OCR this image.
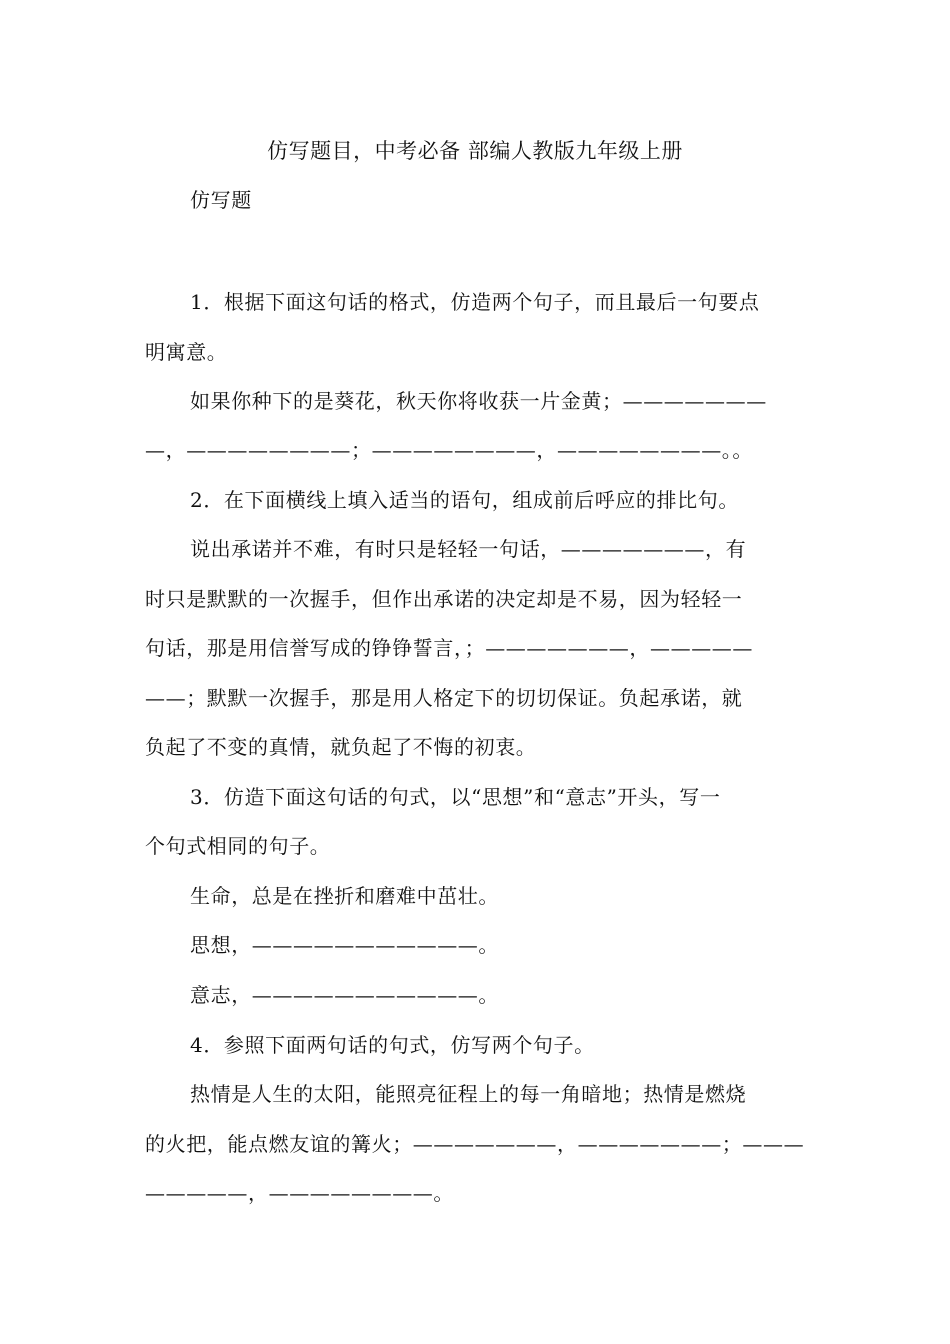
仿写题目，中考必备 部编人教版九年级上册
仿写题
1．根据下面这句话的格式，仿造两个句子，而且最后一句要点
明寓意。
如果你种下的是葵花，秋天你将收获一片金黄；———————
—，————————；————————，————————。。
2．在下面横线上填入适当的语句，组成前后呼应的排比句。
说出承诺并不难，有时只是轻轻一句话，———————，有
时只是默默的一次握手，但作出承诺的决定却是不易，因为轻轻一
句话，那是用信誉写成的铮铮誓言，；———————，—————
——；默默一次握手，那是用人格定下的切切保证。负起承诺，就
负起了不变的真情，就负起了不悔的初衷。
3．仿造下面这句话的句式，以“思想”和“意志”开头，写一
个句式相同的句子。
生命，总是在挫折和磨难中茁壮。
思想，———————————。
意志，———————————。
4．参照下面两句话的句式，仿写两个句子。
热情是人生的太阳，能照亮征程上的每一角暗地；热情是燃烧
的火把，能点燃友谊的篝火；———————，———————；———
—————，————————。
